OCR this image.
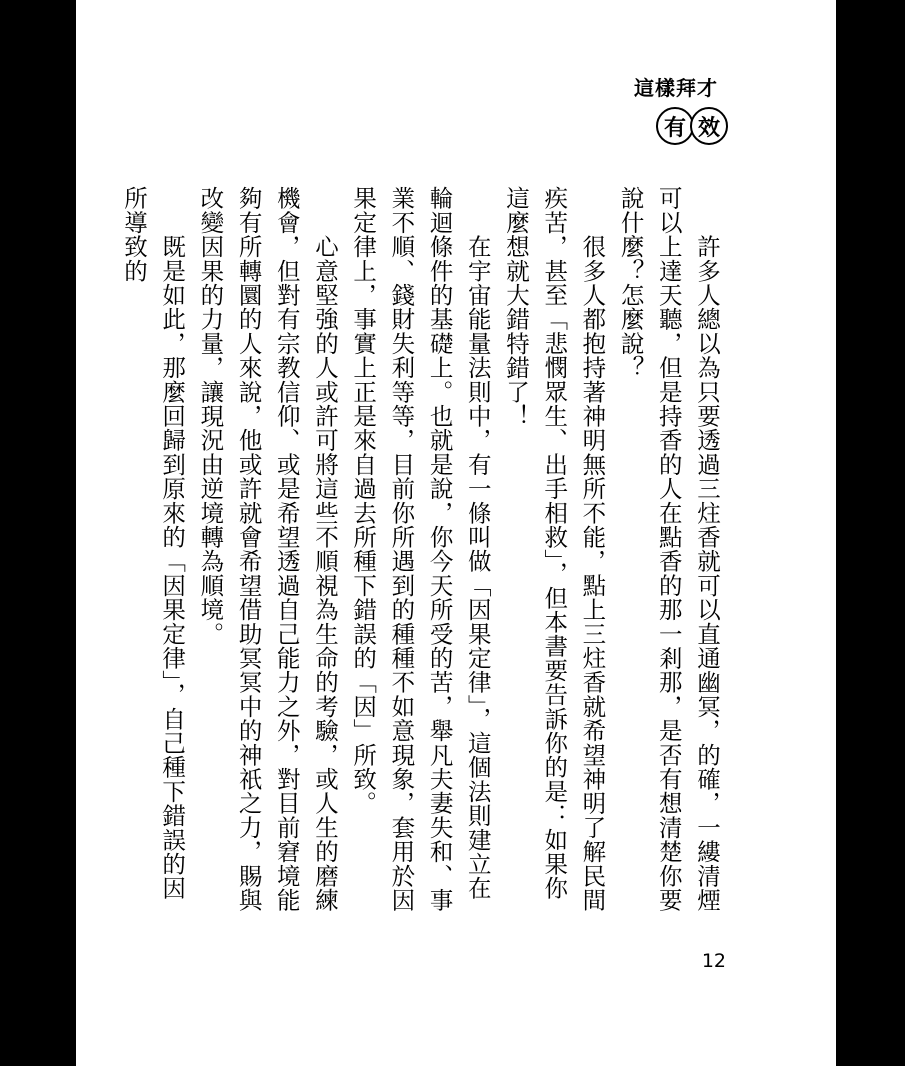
這樣拜才
有 效

　　許多人總以為只要透過三炷香就可以直通幽冥，的確，一縷清煙可以上達天聽，但是持香的人在點香的那一剎那，是否有想清楚你要說什麼？怎麼說？

　　很多人都抱持著神明無所不能，點上三炷香就希望神明了解民間疾苦，甚至「悲憫眾生、出手相救」，但本書要告訴你的是：如果你這麼想就大錯特錯了！

　　在宇宙能量法則中，有一條叫做「因果定律」，這個法則建立在輪迴條件的基礎上。也就是說，你今天所受的苦，舉凡夫妻失和、事業不順、錢財失利等等，目前你所遇到的種種不如意現象，套用於因果定律上，事實上正是來自過去所種下錯誤的「因」所致。

　　心意堅強的人或許可將這些不順視為生命的考驗，或人生的磨練機會，但對有宗教信仰、或是希望透過自己能力之外，對目前窘境能夠有所轉圜的人來說，他或許就會希望借助冥冥中的神祇之力，賜與改變因果的力量，讓現況由逆境轉為順境。

　　既是如此，那麼回歸到原來的「因果定律」，自己種下錯誤的因所導致的

12
